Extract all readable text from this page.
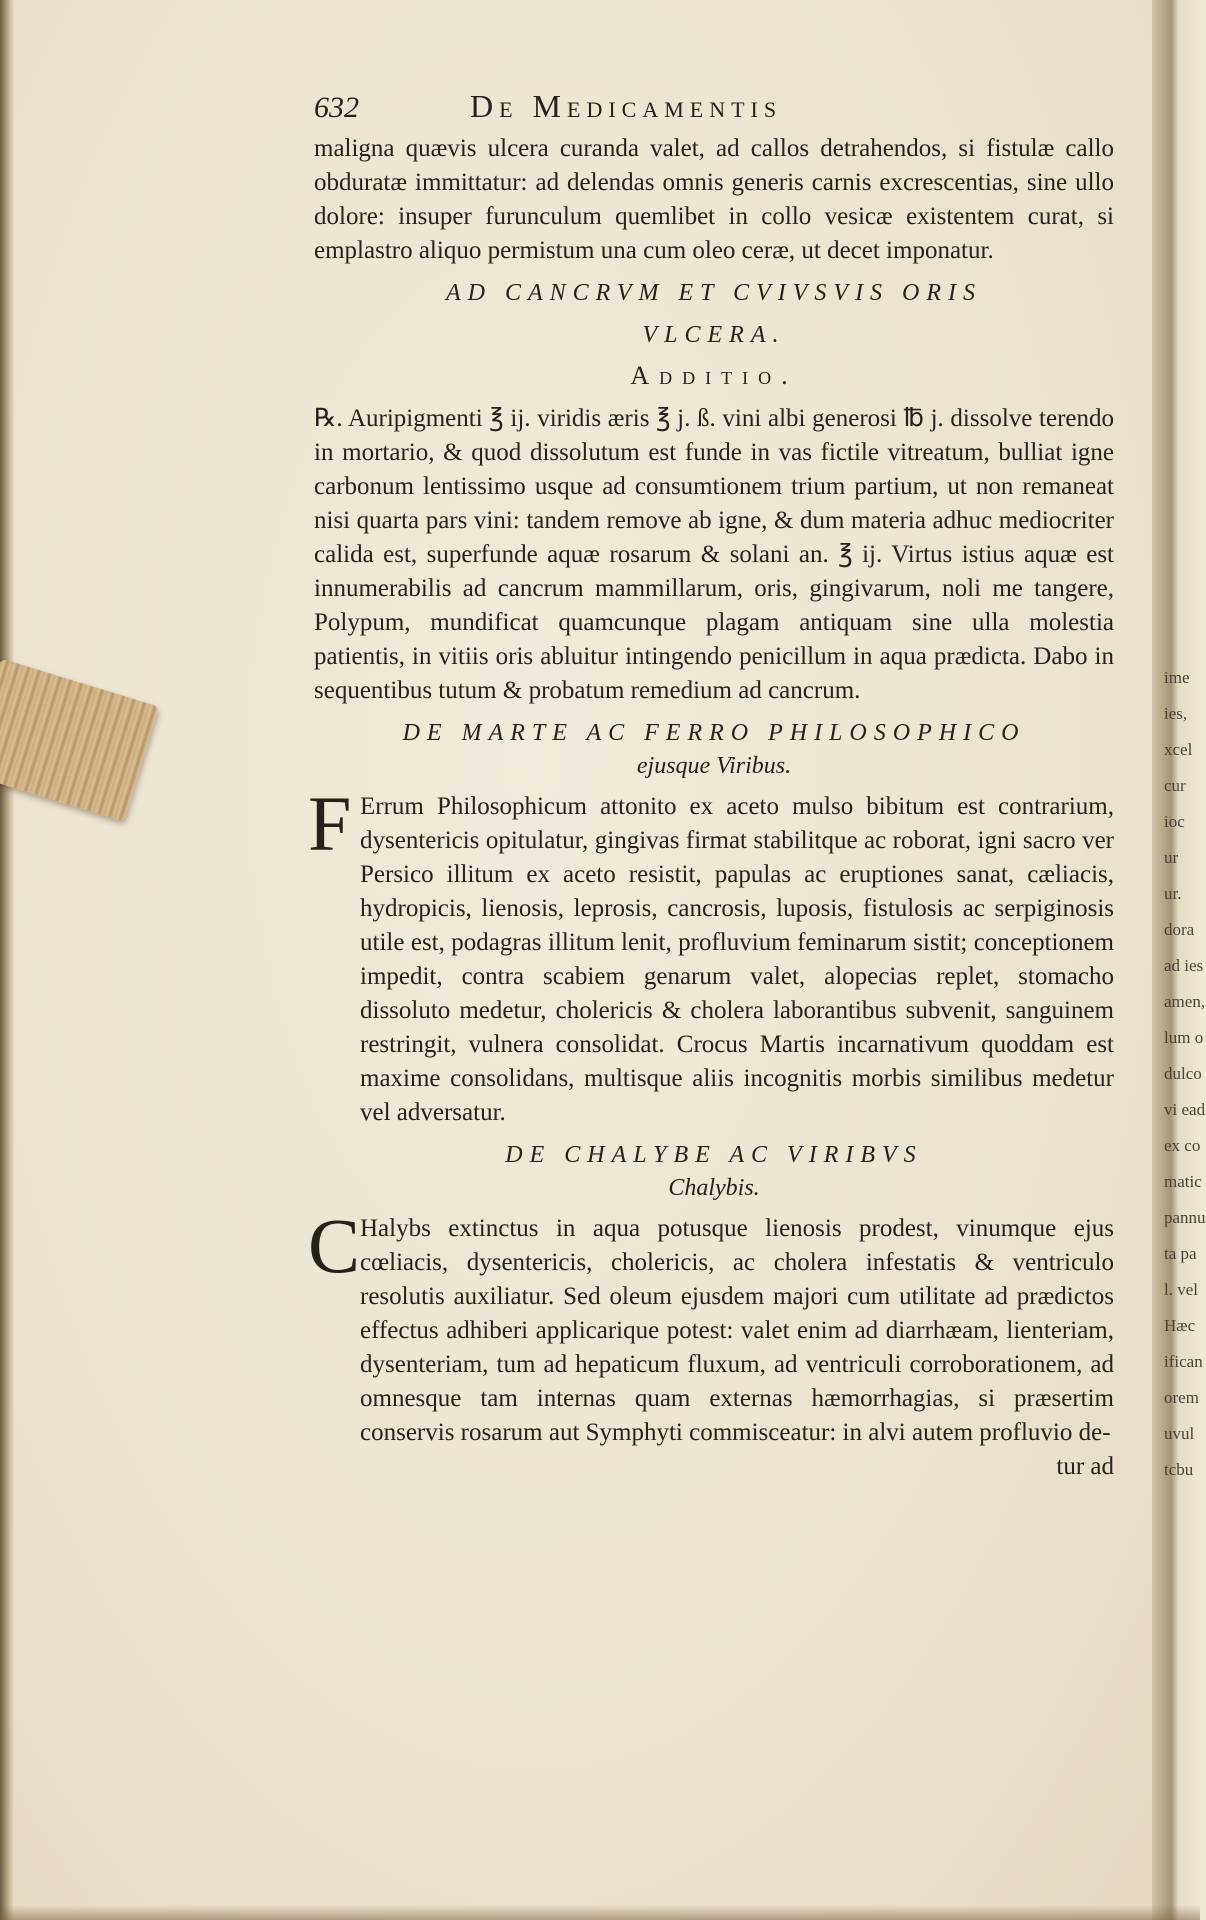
632	De Medicamentis

maligna quævis ulcera curanda valet, ad callos detrahendos, si fistulæ callo obduratæ immittatur: ad delendas omnis generis carnis excrescentias, sine ullo dolore: insuper furunculum quemlibet in collo vesicæ existentem curat, si emplastro aliquo permistum una cum oleo ceræ, ut decet imponatur.

AD CANCRVM ET CVIVSVIS ORIS
VLCERA.
Additio.

℞. Auripigmenti ℥ ij. viridis æris ℥ j. ß. vini albi generosi ℔ j. dissolve terendo in mortario, & quod dissolutum est funde in vas fictile vitreatum, bulliat igne carbonum lentissimo usque ad consumtionem trium partium, ut non remaneat nisi quarta pars vini: tandem remove ab igne, & dum materia adhuc mediocriter calida est, superfunde aquæ rosarum & solani an. ℥ ij. Virtus istius aquæ est innumerabilis ad cancrum mammillarum, oris, gingivarum, noli me tangere, Polypum, mundificat quamcunque plagam antiquam sine ulla molestia patientis, in vitiis oris abluitur intingendo penicillum in aqua prædicta. Dabo in sequentibus tutum & probatum remedium ad cancrum.

DE MARTE AC FERRO PHILOSOPHICO
ejusque Viribus.
F Errum Philosophicum attonito ex aceto mulso bibitum est contrarium, dysentericis opitulatur, gingivas firmat stabilitque ac roborat, igni sacro ver Persico illitum ex aceto resistit, papulas ac eruptiones sanat, cæliacis, hydropicis, lienosis, leprosis, cancrosis, luposis, fistulosis ac serpiginosis utile est, podagras illitum lenit, profluvium feminarum sistit; conceptionem impedit, contra scabiem genarum valet, alopecias replet, stomacho dissoluto medetur, cholericis & cholera laborantibus subvenit, sanguinem restringit, vulnera consolidat. Crocus Martis incarnativum quoddam est maxime consolidans, multisque aliis incognitis morbis similibus medetur vel adversatur.
DE CHALYBE AC VIRIBVS
Chalybis.
C Halybs extinctus in aqua potusque lienosis prodest, vinumque ejus cœliacis, dysentericis, cholericis, ac cholera infestatis & ventriculo resolutis auxiliatur. Sed oleum ejusdem majori cum utilitate ad prædictos effectus adhiberi applicarique potest: valet enim ad diarrhæam, lienteriam, dysenteriam, tum ad hepaticum fluxum, ad ventriculi corroborationem, ad omnesque tam internas quam externas hæmorrhagias, si præsertim conservis rosarum aut Symphyti commisceatur: in alvi autem profluvio de-

tur ad

ime
ies,
xcel
cur
ioc
ur
ur.
dora
ad ies
amen,
lum o
dulco
vi ead
ex co
matic
pannu
ta pa
l. vel
Hæc
ifican
orem
uvul
tcbu
